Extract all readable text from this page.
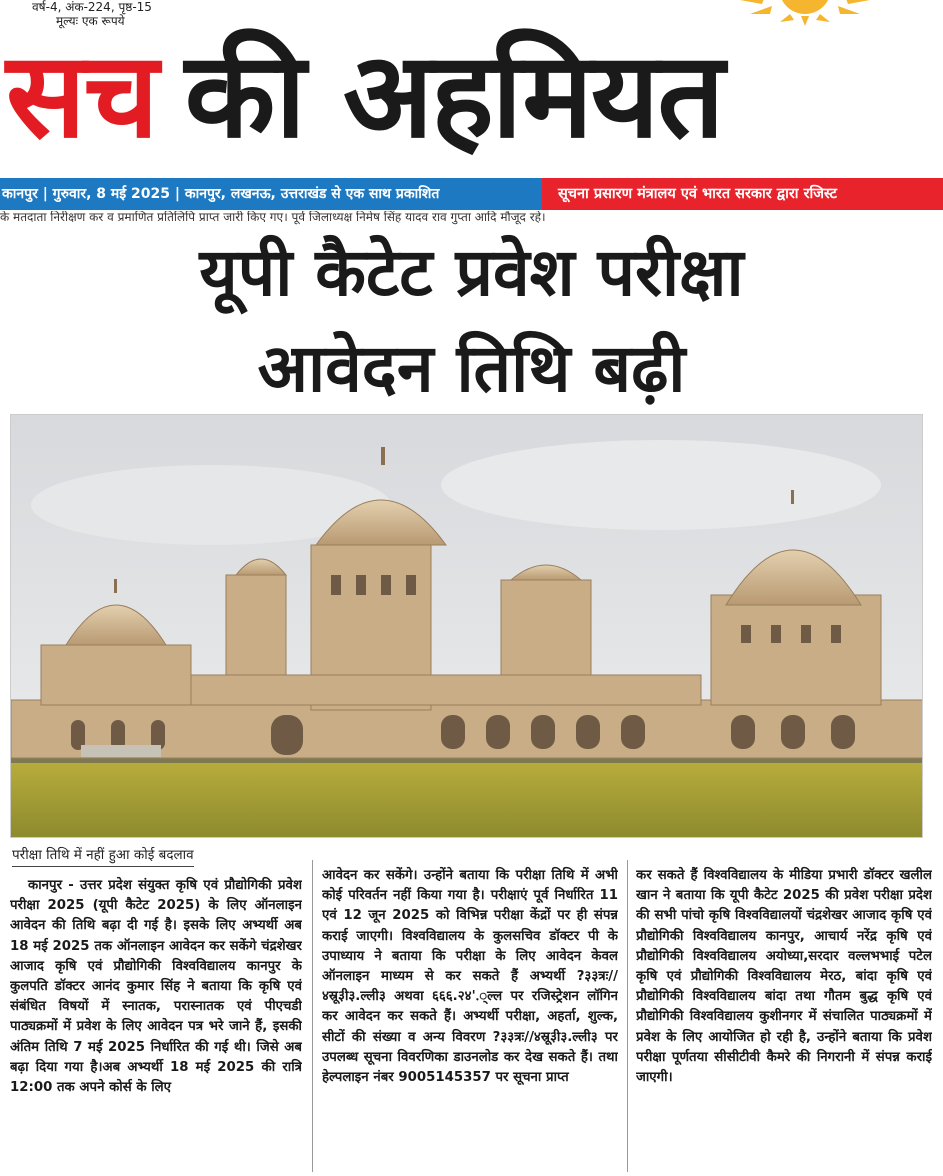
वर्ष-4, अंक-224, पृष्ठ-15
मूल्यः एक रूपये
सच की अहमियत
कानपुर | गुरुवार, 8 मई 2025 | कानपुर, लखनऊ, उत्तराखंड से एक साथ प्रकाशित	सूचना प्रसारण मंत्रालय एवं भारत सरकार द्वारा रजिस्ट
के मतदाता निरीक्षण कर व प्रमाणित प्रतिलिपि प्राप्त जारी किए गए। पूर्व जिलाध्यक्ष निमेष सिंह यादव राव गुप्ता आदि मौजूद रहे।
यूपी कैटेट प्रवेश परीक्षा
आवेदन तिथि बढ़ी
परीक्षा तिथि में नहीं हुआ कोई बदलाव
कानपुर - उत्तर प्रदेश संयुक्त कृषि एवं प्रौद्योगिकी प्रवेश परीक्षा 2025 (यूपी कैटेट 2025) के लिए ऑनलाइन आवेदन की तिथि बढ़ा दी गई है। इसके लिए अभ्यर्थी अब 18 मई 2025 तक ऑनलाइन आवेदन कर सकेंगे चंद्रशेखर आजाद कृषि एवं प्रौद्योगिकी विश्वविद्यालय कानपुर के कुलपति डॉक्टर आनंद कुमार सिंह ने बताया कि कृषि एवं संबंधित विषयों में स्नातक, परास्नातक एवं पीएचडी पाठ्यक्रमों में प्रवेश के लिए आवेदन पत्र भरे जाने हैं, इसकी अंतिम तिथि 7 मई 2025 निर्धारित की गई थी। जिसे अब बढ़ा दिया गया है।अब अभ्यर्थी 18 मई 2025 की रात्रि 12:00 तक अपने कोर्स के लिए
आवेदन कर सकेंगे। उन्होंने बताया कि परीक्षा तिथि में अभी कोई परिवर्तन नहीं किया गया है। परीक्षाएं पूर्व निर्धारित 11 एवं 12 जून 2025 को विभिन्न परीक्षा केंद्रों पर ही संपन्न कराई जाएगी। विश्वविद्यालय के कुलसचिव डॉक्टर पी के उपाध्याय ने बताया कि परीक्षा के लिए आवेदन केवल ऑनलाइन माध्यम से कर सकते हैं अभ्यर्थी ?३३त्रः//४स्रू३ी३.ल्ली३ अथवा ६६६.२४'.्ल्ल पर रजिस्ट्रेशन लॉगिन कर आवेदन कर सकते हैं। अभ्यर्थी परीक्षा, अहर्ता, शुल्क, सीटों की संख्या व अन्य विवरण ?३३त्रः//४स्रू३ी३.ल्ली३ पर उपलब्ध सूचना विवरणिका डाउनलोड कर देख सकते हैं। तथा हेल्पलाइन नंबर 9005145357 पर सूचना प्राप्त
कर सकते हैं विश्वविद्यालय के मीडिया प्रभारी डॉक्टर खलील खान ने बताया कि यूपी कैटेट 2025 की प्रवेश परीक्षा प्रदेश की सभी पांचो कृषि विश्वविद्यालयों चंद्रशेखर आजाद कृषि एवं प्रौद्योगिकी विश्वविद्यालय कानपुर, आचार्य नरेंद्र कृषि एवं प्रौद्योगिकी विश्वविद्यालय अयोध्या,सरदार वल्लभभाई पटेल कृषि एवं प्रौद्योगिकी विश्वविद्यालय मेरठ, बांदा कृषि एवं प्रौद्योगिकी विश्वविद्यालय बांदा तथा गौतम बुद्ध कृषि एवं प्रौद्योगिकी विश्वविद्यालय कुशीनगर में संचालित पाठ्यक्रमों में प्रवेश के लिए आयोजित हो रही है, उन्होंने बताया कि प्रवेश परीक्षा पूर्णतया सीसीटीवी कैमरे की निगरानी में संपन्न कराई जाएगी।
